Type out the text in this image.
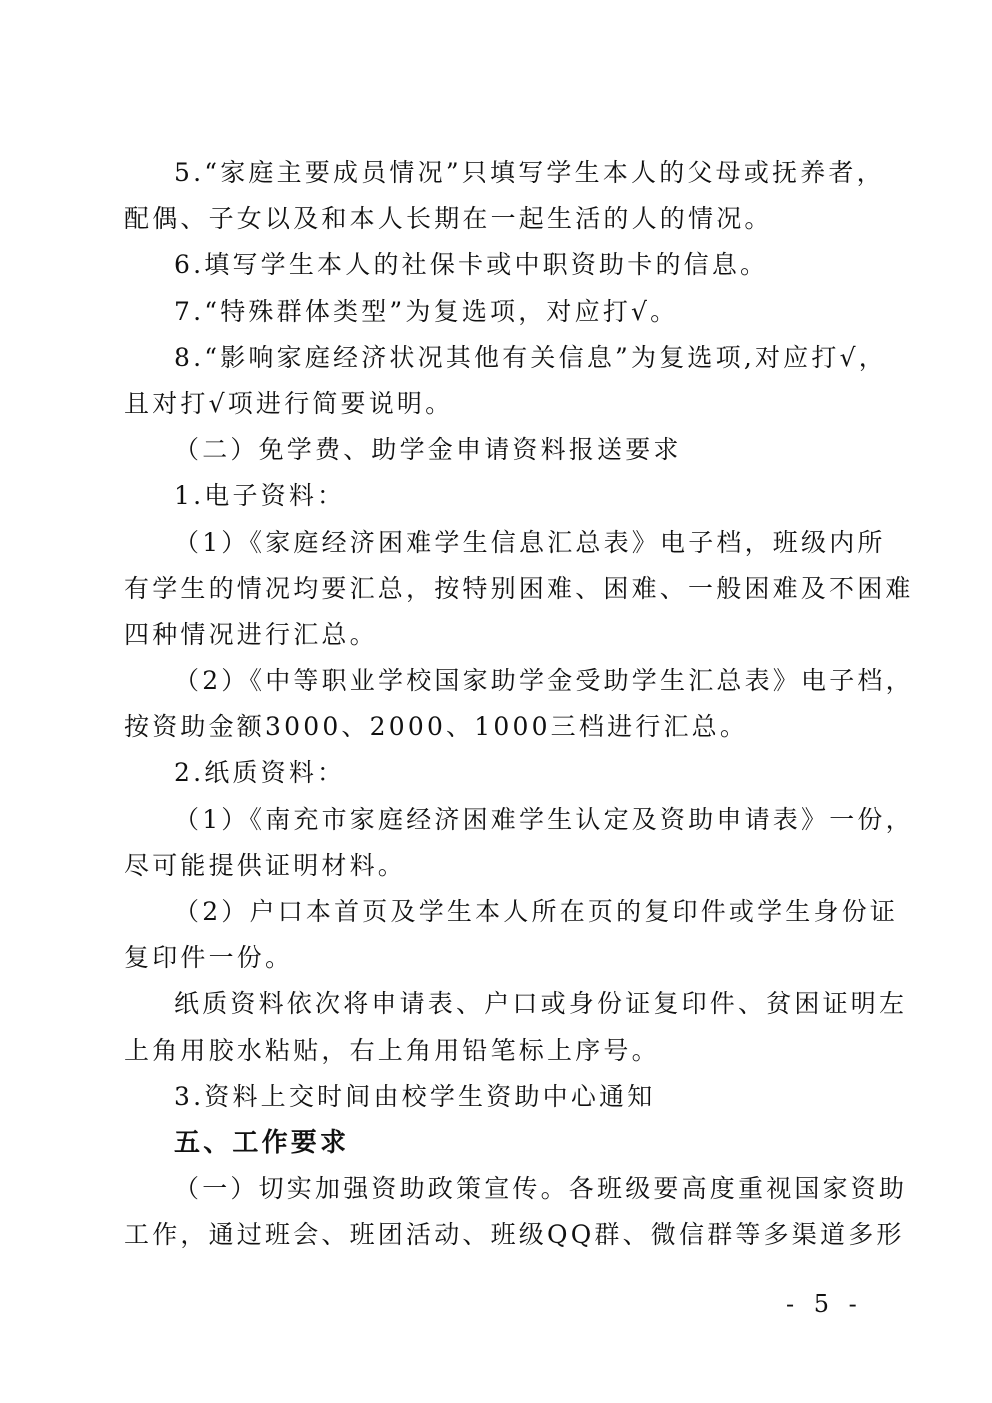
5.“家庭主要成员情况”只填写学生本人的父母或抚养者，
配偶、子女以及和本人长期在一起生活的人的情况。
6.填写学生本人的社保卡或中职资助卡的信息。
7.“特殊群体类型”为复选项，对应打√。
8.“影响家庭经济状况其他有关信息”为复选项,对应打√，
且对打√项进行简要说明。
（二）免学费、助学金申请资料报送要求
1.电子资料：
（1）《家庭经济困难学生信息汇总表》电子档，班级内所
有学生的情况均要汇总，按特别困难、困难、一般困难及不困难
四种情况进行汇总。
（2）《中等职业学校国家助学金受助学生汇总表》电子档，
按资助金额3000、2000、1000三档进行汇总。
2.纸质资料：
（1）《南充市家庭经济困难学生认定及资助申请表》一份，
尽可能提供证明材料。
（2）户口本首页及学生本人所在页的复印件或学生身份证
复印件一份。
纸质资料依次将申请表、户口或身份证复印件、贫困证明左
上角用胶水粘贴，右上角用铅笔标上序号。
3.资料上交时间由校学生资助中心通知
五、工作要求
（一）切实加强资助政策宣传。各班级要高度重视国家资助
工作，通过班会、班团活动、班级QQ群、微信群等多渠道多形
- 5 -
